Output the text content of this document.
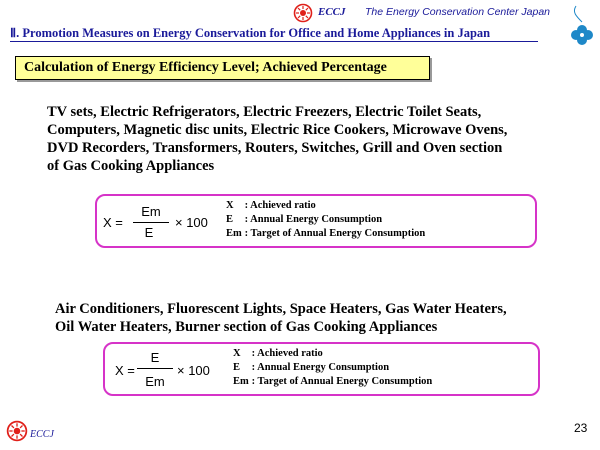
ECCJ The Energy Conservation Center Japan
Ⅱ. Promotion Measures on Energy Conservation for Office and Home Appliances in Japan
Calculation of Energy Efficiency Level; Achieved Percentage
TV sets, Electric Refrigerators, Electric Freezers, Electric Toilet Seats,
Computers, Magnetic disc units, Electric Rice Cookers, Microwave Ovens,
DVD Recorders, Transformers, Routers, Switches, Grill and Oven section
of Gas Cooking Appliances
X =
Em
E
× 100
X : Achieved ratio
E : Annual Energy Consumption
Em : Target of Annual Energy Consumption
Air Conditioners, Fluorescent Lights, Space Heaters, Gas Water Heaters,
Oil Water Heaters, Burner section of Gas Cooking Appliances
X =
E
Em
× 100
X : Achieved ratio
E : Annual Energy Consumption
Em : Target of Annual Energy Consumption
ECCJ	23
